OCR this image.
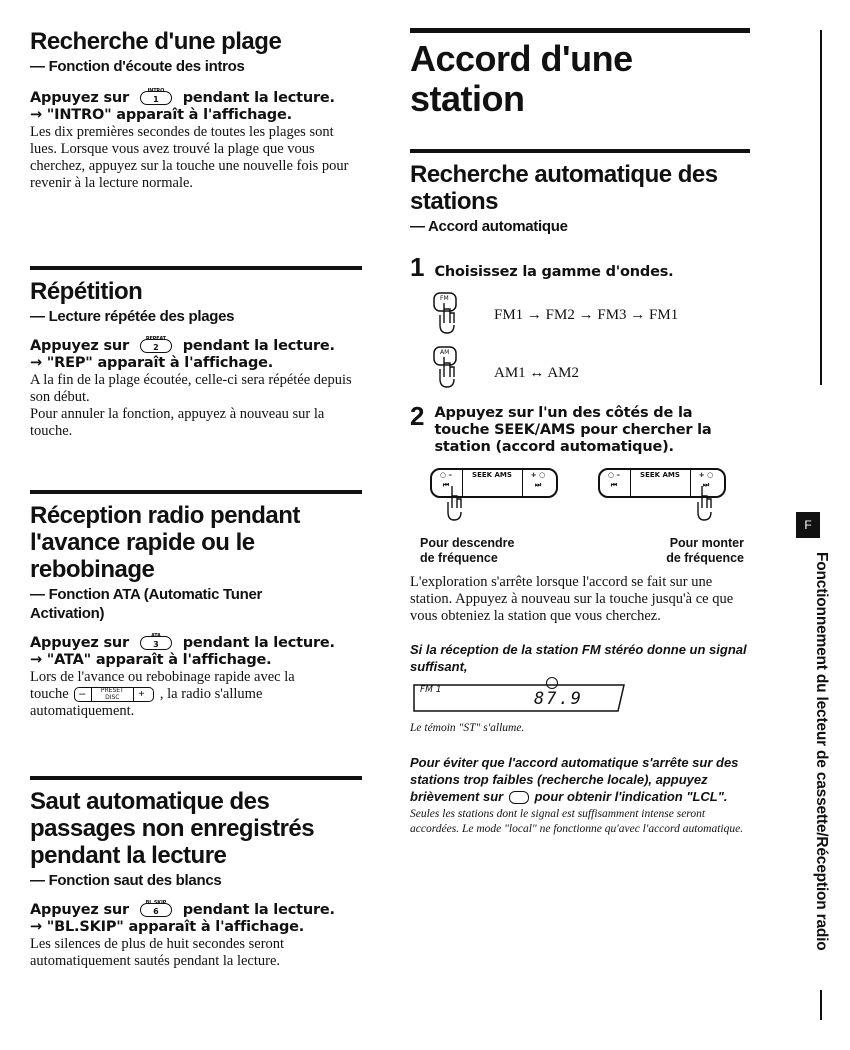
Recherche d'une plage

— Fonction d'écoute des intros

Appuyez sur	INTRO
1	pendant la lecture.

→ "INTRO" apparaît à l'affichage.

Les dix premières secondes de toutes les plages sont lues. Lorsque vous avez trouvé la plage que vous cherchez, appuyez sur la touche une nouvelle fois pour revenir à la lecture normale.

Répétition

— Lecture répétée des plages

Appuyez sur	REPEAT
2	pendant la lecture.

→ "REP" apparaît à l'affichage.

A la fin de la plage écoutée, celle-ci sera répétée depuis son début.

Pour annuler la fonction, appuyez à nouveau sur la touche.

Réception radio pendant
l'avance rapide ou le
rebobinage

— Fonction ATA (Automatic Tuner

Activation)

Appuyez sur	ATA
3	pendant la lecture.

→ "ATA" apparaît à l'affichage.

Lors de l'avance ou rebobinage rapide avec la

touche –	PRESET DISC	+ , la radio s'allume

automatiquement.

Saut automatique des
passages non enregistrés
pendant la lecture

— Fonction saut des blancs

Appuyez sur	BL.SKIP
6	pendant la lecture.

→ "BL.SKIP" apparaît à l'affichage.

Les silences de plus de huit secondes seront automatiquement sautés pendant la lecture.

Accord d'une station
Recherche automatique des
stations

— Accord automatique

1 Choisissez la gamme d'ondes.
FM
FM1 → FM2 → FM3 → FM1
AM
AM1 ↔ AM2
2 Appuyez sur l'un des côtés de la touche SEEK/AMS pour chercher la station (accord automatique).
○ –
⏮
SEEK AMS	+ ○
⏭
○ –
⏮
SEEK AMS	+ ○
⏭
Pour descendre
de fréquence
Pour monter
de fréquence

L'exploration s'arrête lorsque l'accord se fait sur une station. Appuyez à nouveau sur la touche jusqu'à ce que vous obteniez la station que vous cherchez.

Si la réception de la station FM stéréo donne un signal suffisant,

FM 1	87.9

Le témoin "ST" s'allume.

Pour éviter que l'accord automatique s'arrête sur des stations trop faibles (recherche locale), appuyez brièvement sur pour obtenir l'indication "LCL".

Seules les stations dont le signal est suffisamment intense seront accordées. Le mode "local" ne fonctionne qu'avec l'accord automatique.

F
Fonctionnement du lecteur de cassette/Réception radio
